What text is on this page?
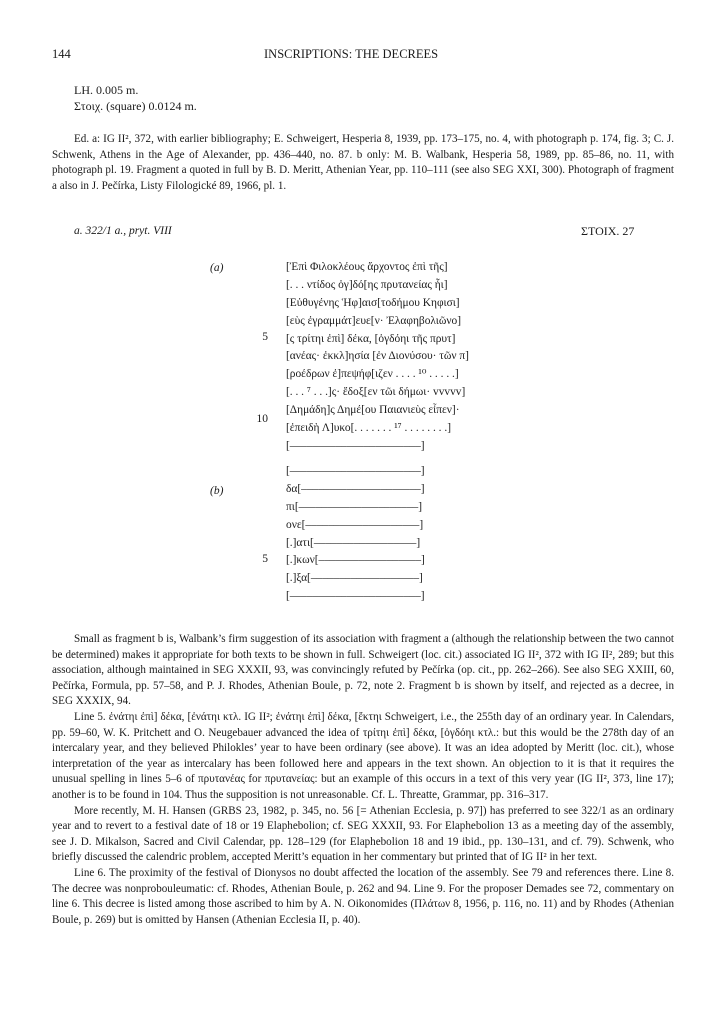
144	INSCRIPTIONS: THE DECREES
LH. 0.005 m.
Στοιχ. (square) 0.0124 m.

Ed. a: IG II², 372, with earlier bibliography; E. Schweigert, Hesperia 8, 1939, pp. 173–175, no. 4, with photograph p. 174, fig. 3; C. J. Schwenk, Athens in the Age of Alexander, pp. 436–440, no. 87. b only: M. B. Walbank, Hesperia 58, 1989, pp. 85–86, no. 11, with photograph pl. 19. Fragment a quoted in full by B. D. Meritt, Athenian Year, pp. 110–111 (see also SEG XXI, 300). Photograph of fragment a also in J. Pečírka, Listy Filologické 89, 1966, pl. 1.

a. 322/1 a., pryt. VIII	ΣΤΟΙΧ. 27
(a)
5
10
[Ἐπὶ Φιλοκλέους ἄρχοντος ἐπὶ τῆς]
[. . . ντίδος ὀγ]δό[ης πρυτανείας ἧι]
[Εὐθυγένης Ἡφ]αισ[τοδήμου Κηφισι]
[εὺς ἐγραμμάτ]ευε[ν· Ἐλαφηβολιῶνο]
[ς τρίτηι ἐπὶ] δέκα, [ὀγδόηι τῆς πρυτ]
[ανέας· ἐκκλ]ησία [ἐν Διονύσου· τῶν π]
[ροέδρων ἐ]πεψήφ[ιζεν . . . . ¹⁰ . . . . .]
[. . . ⁷ . . .]ς· ἔδοξ[εν τῶι δήμωι· vvvvv]
[Δημάδη]ς Δημέ[ου Παιανιεὺς εἶπεν]·
[ἐπειδὴ Λ]υκο[. . . . . . . ¹⁷ . . . . . . . .]
[–––––––––––––––––––––––]
(b)
5
[–––––––––––––––––––––––]
δα[–––––––––––––––––––––]
πι[–––––––––––––––––––––]
ονε[––––––––––––––––––––]
[.]ατι[––––––––––––––––––]
[.]κων[––––––––––––––––––]
[.]ξα[–––––––––––––––––––]
[–––––––––––––––––––––––]

Small as fragment b is, Walbank’s firm suggestion of its association with fragment a (although the relationship between the two cannot be determined) makes it appropriate for both texts to be shown in full. Schweigert (loc. cit.) associated IG II², 372 with IG II², 289; but this association, although maintained in SEG XXXII, 93, was convincingly refuted by Pečírka (op. cit., pp. 262–266). See also SEG XXIII, 60, Pečírka, Formula, pp. 57–58, and P. J. Rhodes, Athenian Boule, p. 72, note 2. Fragment b is shown by itself, and rejected as a decree, in SEG XXXIX, 94.

Line 5. ἐνάτηι ἐπὶ] δέκα, [ἐνάτηι κτλ. IG II²; ἐνάτηι ἐπὶ] δέκα, [ἕκτηι Schweigert, i.e., the 255th day of an ordinary year. In Calendars, pp. 59–60, W. K. Pritchett and O. Neugebauer advanced the idea of τρίτηι ἐπὶ] δέκα, [ὀγδόηι κτλ.: but this would be the 278th day of an intercalary year, and they believed Philokles’ year to have been ordinary (see above). It was an idea adopted by Meritt (loc. cit.), whose interpretation of the year as intercalary has been followed here and appears in the text shown. An objection to it is that it requires the unusual spelling in lines 5–6 of πρυτανέας for πρυτανείας: but an example of this occurs in a text of this very year (IG II², 373, line 17); another is to be found in 104. Thus the supposition is not unreasonable. Cf. L. Threatte, Grammar, pp. 316–317.

More recently, M. H. Hansen (GRBS 23, 1982, p. 345, no. 56 [= Athenian Ecclesia, p. 97]) has preferred to see 322/1 as an ordinary year and to revert to a festival date of 18 or 19 Elaphebolion; cf. SEG XXXII, 93. For Elaphebolion 13 as a meeting day of the assembly, see J. D. Mikalson, Sacred and Civil Calendar, pp. 128–129 (for Elaphebolion 18 and 19 ibid., pp. 130–131, and cf. 79). Schwenk, who briefly discussed the calendric problem, accepted Meritt’s equation in her commentary but printed that of IG II² in her text.

Line 6. The proximity of the festival of Dionysos no doubt affected the location of the assembly. See 79 and references there. Line 8. The decree was nonprobouleumatic: cf. Rhodes, Athenian Boule, p. 262 and 94. Line 9. For the proposer Demades see 72, commentary on line 6. This decree is listed among those ascribed to him by A. N. Oikonomides (Πλάτων 8, 1956, p. 116, no. 11) and by Rhodes (Athenian Boule, p. 269) but is omitted by Hansen (Athenian Ecclesia II, p. 40).
